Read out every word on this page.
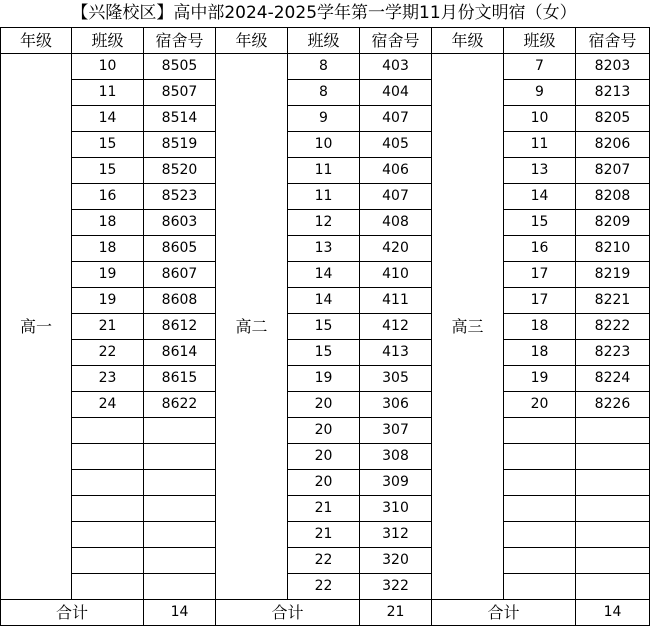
【兴隆校区】高中部2024-2025学年第一学期11月份文明宿（女）
年级	班级	宿舍号	年级	班级	宿舍号	年级	班级	宿舍号
高一	10	8505	高二	8	403	高三	7	8203
	11	8507		8	404		9	8213
	14	8514		9	407		10	8205
	15	8519		10	405		11	8206
	15	8520		11	406		13	8207
	16	8523		11	407		14	8208
	18	8603		12	408		15	8209
	18	8605		13	420		16	8210
	19	8607		14	410		17	8219
	19	8608		14	411		17	8221
	21	8612		15	412		18	8222
	22	8614		15	413		18	8223
	23	8615		19	305		19	8224
	24	8622		20	306		20	8226
				20	307			
				20	308			
				20	309			
				21	310			
				21	312			
				22	320			
				22	322			
合计		14	合计		21	合计		14
